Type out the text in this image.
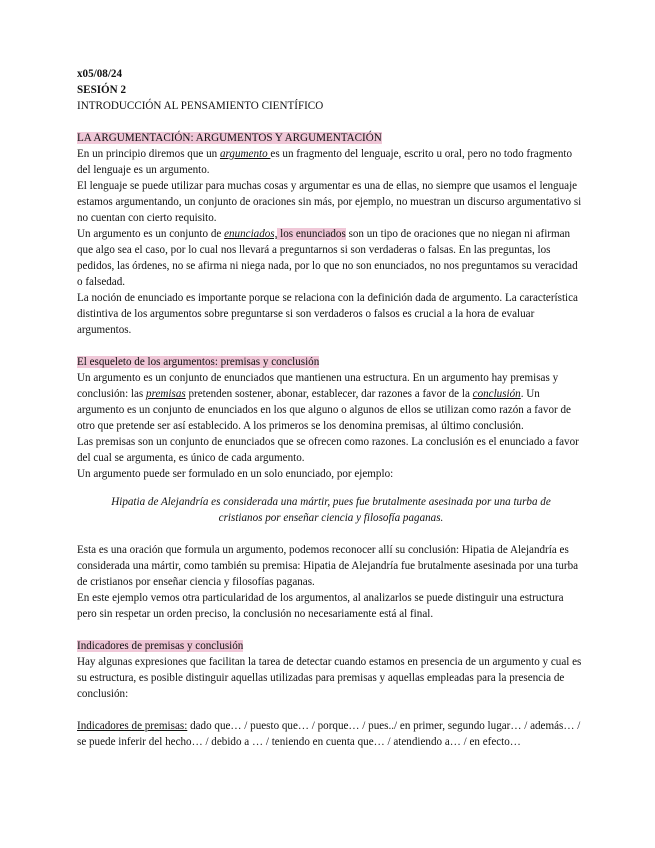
x05/08/24

SESIÓN 2

INTRODUCCIÓN AL PENSAMIENTO CIENTÍFICO

LA ARGUMENTACIÓN: ARGUMENTOS Y ARGUMENTACIÓN

En un principio diremos que un argumento es un fragmento del lenguaje, escrito u oral, pero no todo fragmento del lenguaje es un argumento.

El lenguaje se puede utilizar para muchas cosas y argumentar es una de ellas, no siempre que usamos el lenguaje estamos argumentando, un conjunto de oraciones sin más, por ejemplo, no muestran un discurso argumentativo si no cuentan con cierto requisito.

Un argumento es un conjunto de enunciados, los enunciados son un tipo de oraciones que no niegan ni afirman que algo sea el caso, por lo cual nos llevará a preguntarnos si son verdaderas o falsas. En las preguntas, los pedidos, las órdenes, no se afirma ni niega nada, por lo que no son enunciados, no nos preguntamos su veracidad o falsedad.

La noción de enunciado es importante porque se relaciona con la definición dada de argumento. La característica distintiva de los argumentos sobre preguntarse si son verdaderos o falsos es crucial a la hora de evaluar argumentos.

El esqueleto de los argumentos: premisas y conclusión

Un argumento es un conjunto de enunciados que mantienen una estructura. En un argumento hay premisas y conclusión: las premisas pretenden sostener, abonar, establecer, dar razones a favor de la conclusión. Un argumento es un conjunto de enunciados en los que alguno o algunos de ellos se utilizan como razón a favor de otro que pretende ser así establecido. A los primeros se los denomina premisas, al último conclusión.

Las premisas son un conjunto de enunciados que se ofrecen como razones. La conclusión es el enunciado a favor del cual se argumenta, es único de cada argumento.

Un argumento puede ser formulado en un solo enunciado, por ejemplo:

Hipatia de Alejandría es considerada una mártir, pues fue brutalmente asesinada por una turba de cristianos por enseñar ciencia y filosofía paganas.

Esta es una oración que formula un argumento, podemos reconocer allí su conclusión: Hipatia de Alejandría es considerada una mártir, como también su premisa: Hipatia de Alejandría fue brutalmente asesinada por una turba de cristianos por enseñar ciencia y filosofías paganas.

En este ejemplo vemos otra particularidad de los argumentos, al analizarlos se puede distinguir una estructura pero sin respetar un orden preciso, la conclusión no necesariamente está al final.

Indicadores de premisas y conclusión

Hay algunas expresiones que facilitan la tarea de detectar cuando estamos en presencia de un argumento y cual es su estructura, es posible distinguir aquellas utilizadas para premisas y aquellas empleadas para la presencia de conclusión:

Indicadores de premisas: dado que… / puesto que… / porque… / pues../ en primer, segundo lugar… / además… / se puede inferir del hecho… / debido a … / teniendo en cuenta que… / atendiendo a… / en efecto…
